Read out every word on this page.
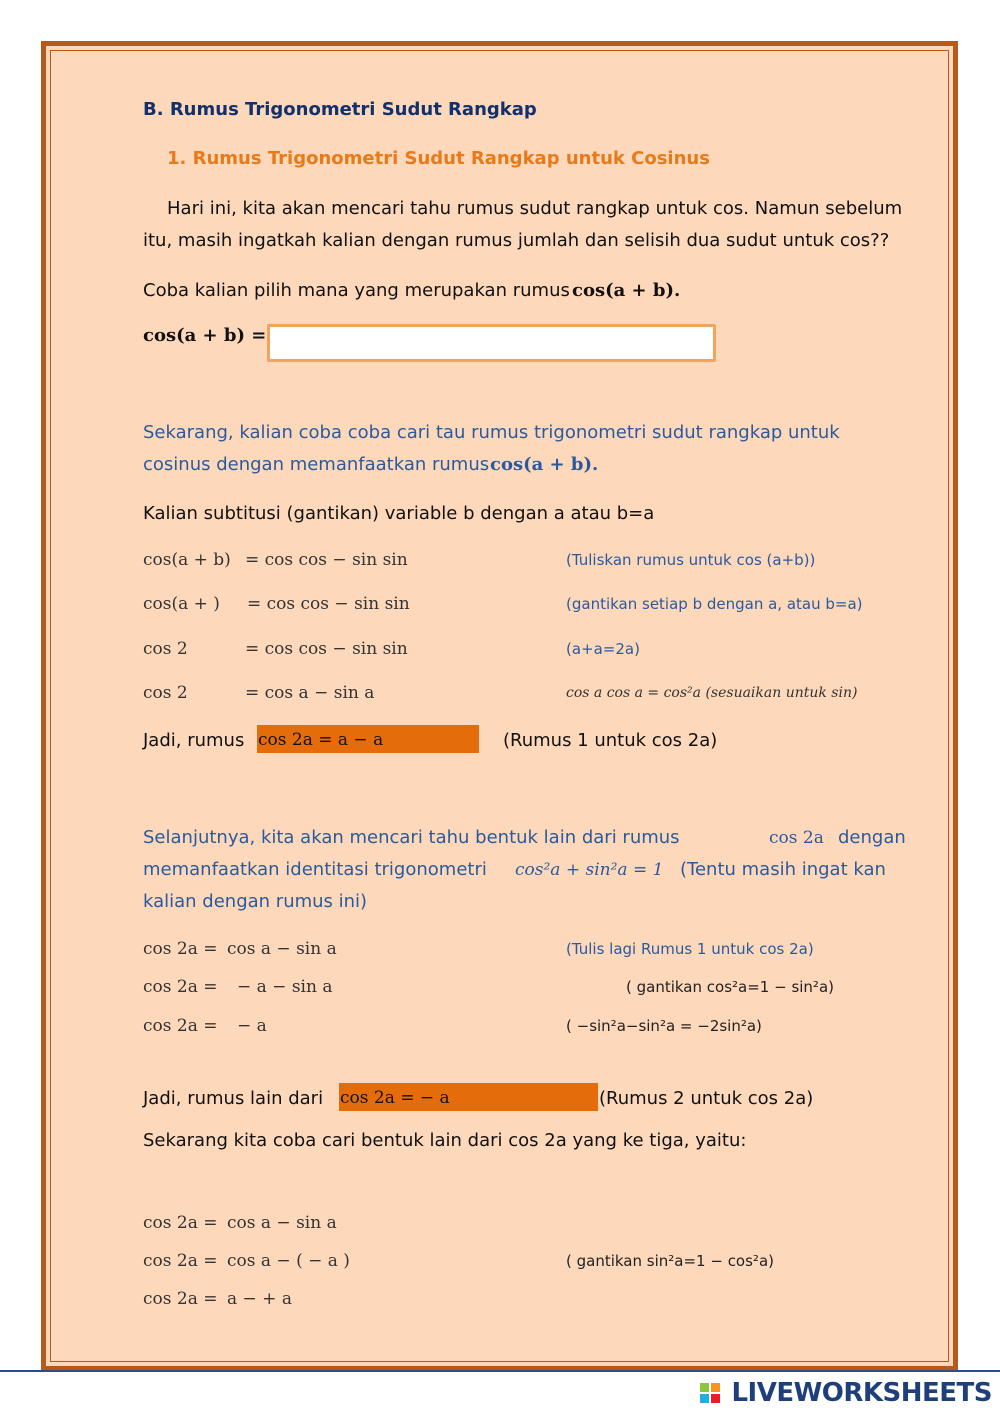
B. Rumus Trigonometri Sudut Rangkap
1. Rumus Trigonometri Sudut Rangkap untuk Cosinus
Hari ini, kita akan mencari tahu rumus sudut rangkap untuk cos. Namun sebelum
itu, masih ingatkah kalian dengan rumus jumlah dan selisih dua sudut untuk cos??
Coba kalian pilih mana yang merupakan rumus cos(a + b).
cos(a + b) =
Sekarang, kalian coba coba cari tau rumus trigonometri sudut rangkap untuk
cosinus dengan memanfaatkan rumus cos(a + b).
Kalian subtitusi (gantikan) variable b dengan a atau b=a
cos(a + b) = cos cos − sin sin	(Tuliskan rumus untuk cos (a+b))
cos(a + ) = cos cos − sin sin	(gantikan setiap b dengan a, atau b=a)
cos 2	= cos cos − sin sin	(a+a=2a)
cos 2	= cos a − sin a	cos a cos a = cos²a (sesuaikan untuk sin)
Jadi, rumus cos 2a = a − a	(Rumus 1 untuk cos 2a)
Selanjutnya, kita akan mencari tahu bentuk lain dari rumus	cos 2a dengan
memanfaatkan identitasi trigonometri cos²a + sin²a = 1 (Tentu masih ingat kan
kalian dengan rumus ini)
cos 2a = cos a − sin a	(Tulis lagi Rumus 1 untuk cos 2a)
cos 2a = − a − sin a	( gantikan cos²a=1 − sin²a)
cos 2a = − a	( −sin²a−sin²a = −2sin²a)
Jadi, rumus lain dari cos 2a = − a	(Rumus 2 untuk cos 2a)
Sekarang kita coba cari bentuk lain dari cos 2a yang ke tiga, yaitu:
cos 2a = cos a − sin a
cos 2a = cos a − ( − a )	( gantikan sin²a=1 − cos²a)
cos 2a = a − + a
LIVEWORKSHEETS
